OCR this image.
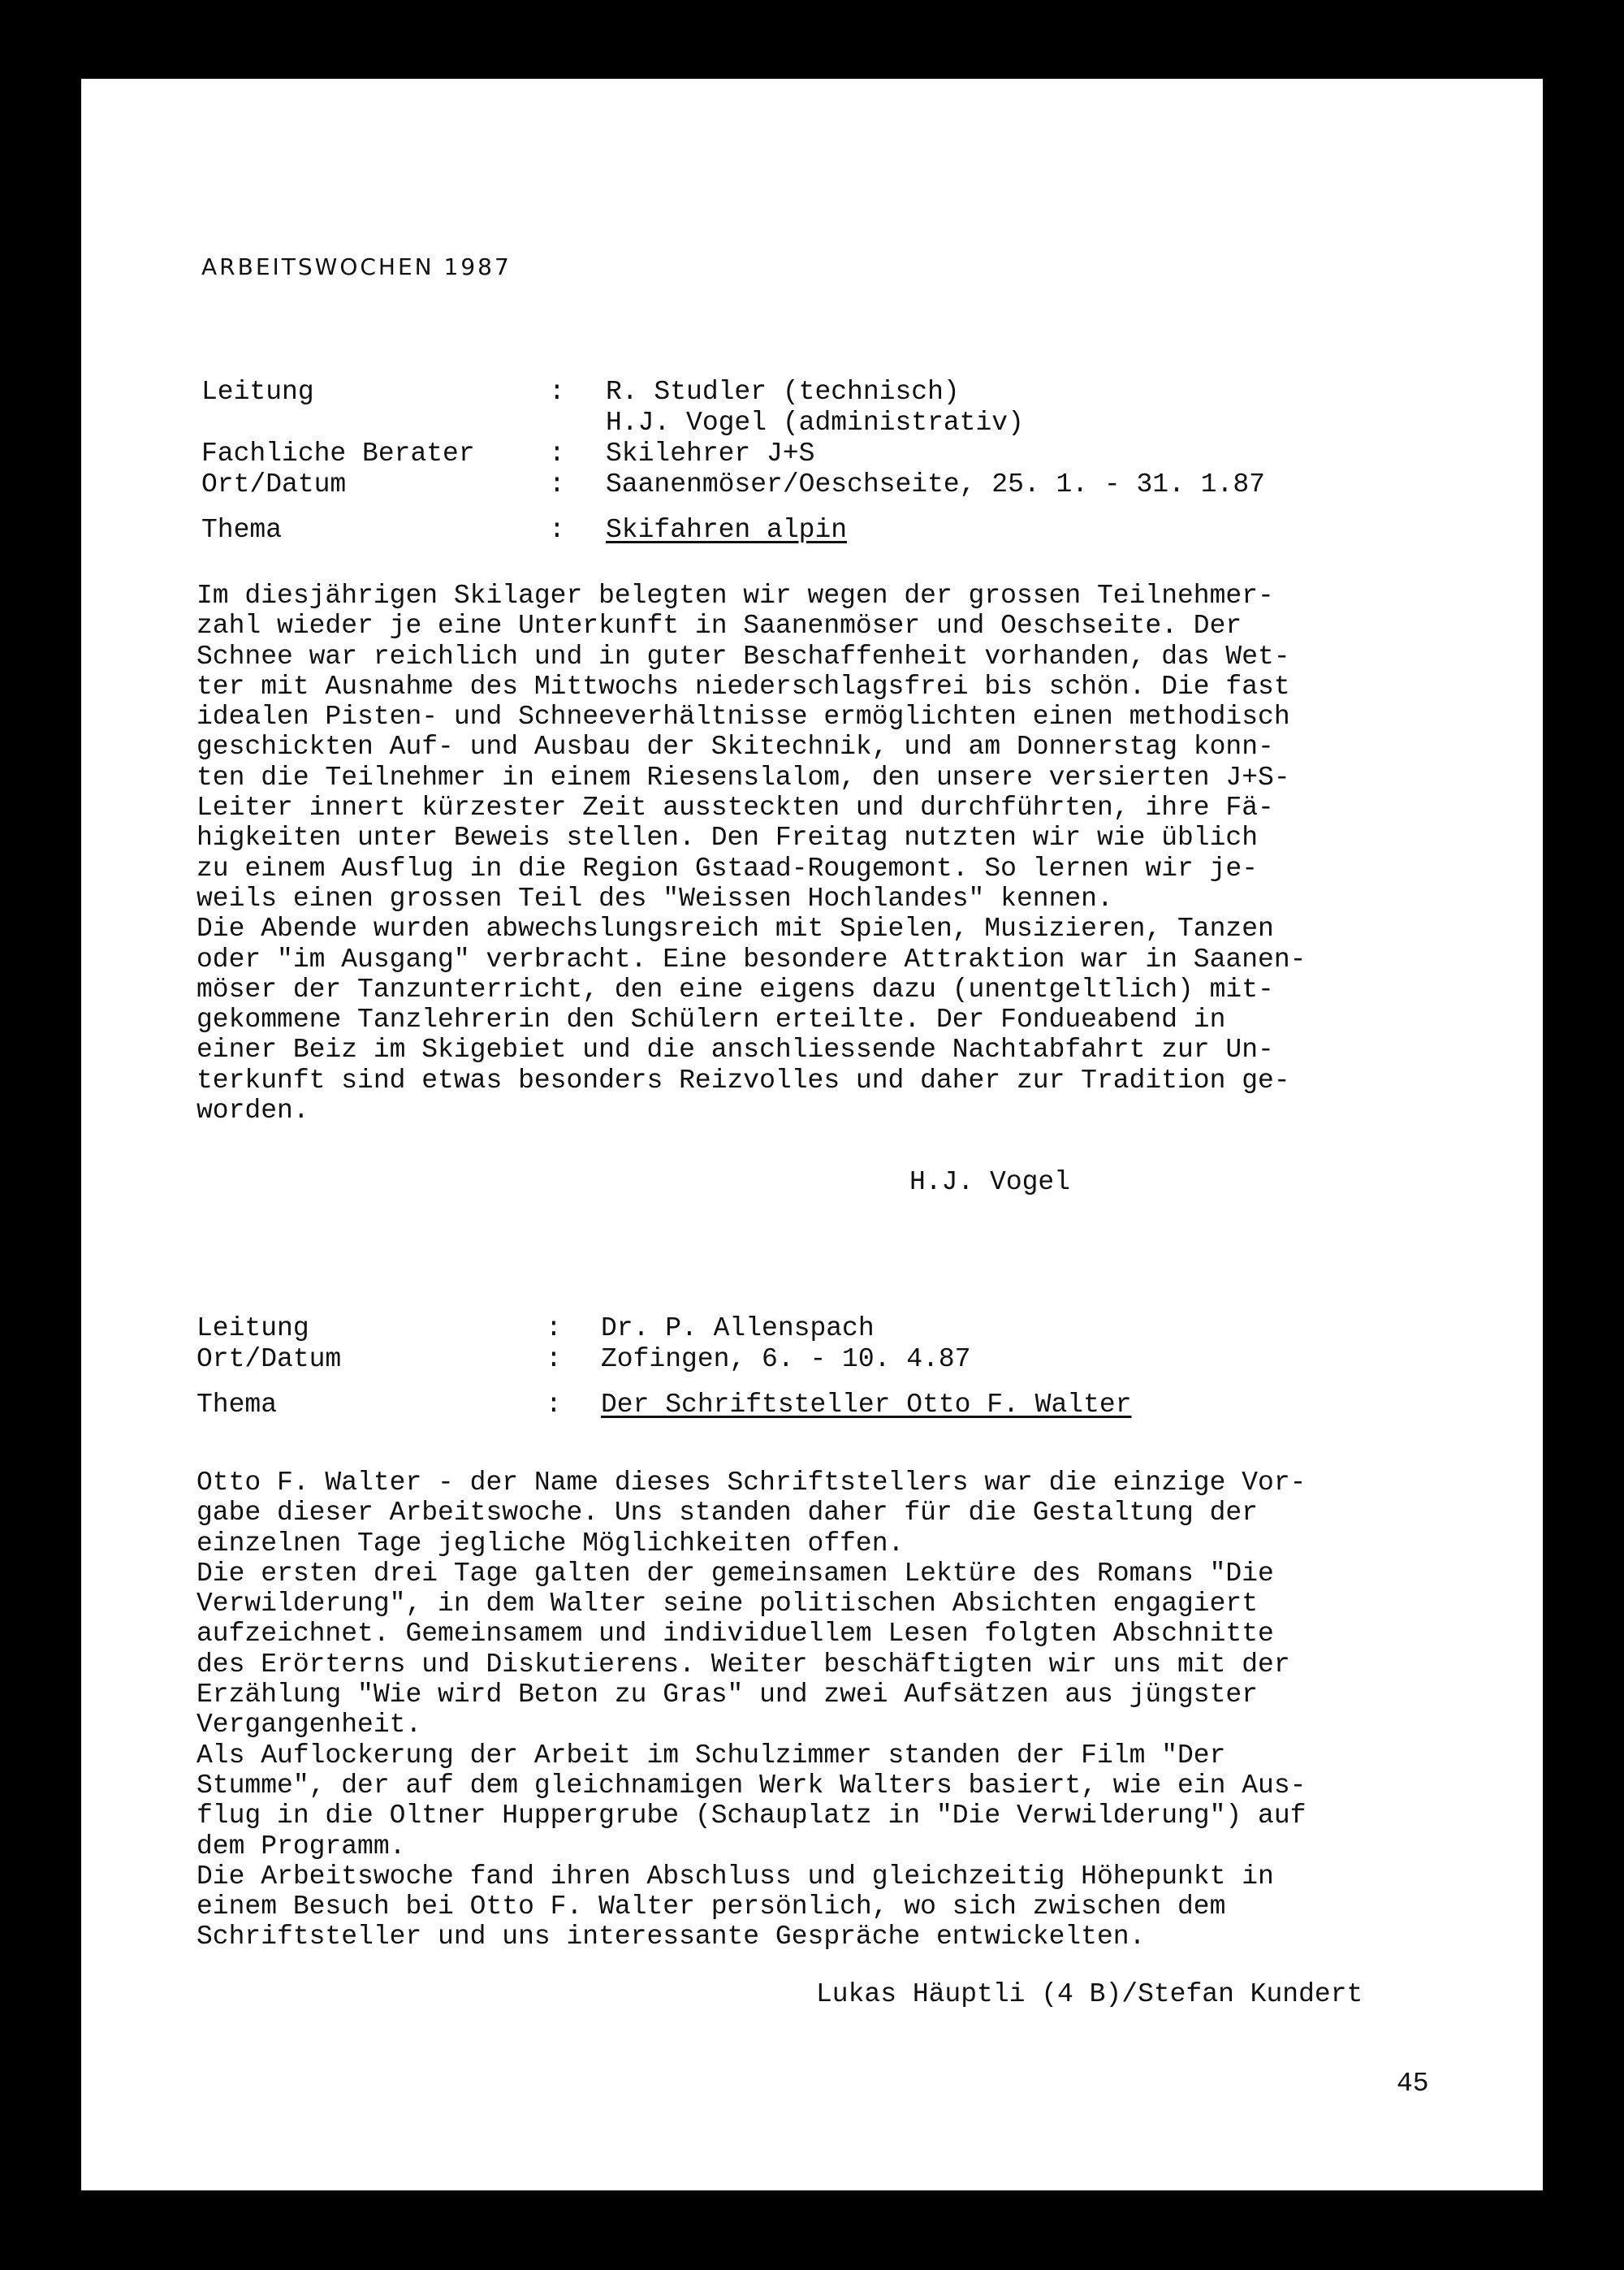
ARBEITSWOCHEN 1987
Leitung	: R. Studler (technisch)
H.J. Vogel (administrativ)
Fachliche Berater	: Skilehrer J+S
Ort/Datum	: Saanenmöser/Oeschseite, 25. 1. - 31. 1.87
Thema	: Skifahren alpin

Im diesjährigen Skilager belegten wir wegen der grossen Teilnehmer-
zahl wieder je eine Unterkunft in Saanenmöser und Oeschseite. Der
Schnee war reichlich und in guter Beschaffenheit vorhanden, das Wet-
ter mit Ausnahme des Mittwochs niederschlagsfrei bis schön. Die fast
idealen Pisten- und Schneeverhältnisse ermöglichten einen methodisch
geschickten Auf- und Ausbau der Skitechnik, und am Donnerstag konn-
ten die Teilnehmer in einem Riesenslalom, den unsere versierten J+S-
Leiter innert kürzester Zeit aussteckten und durchführten, ihre Fä-
higkeiten unter Beweis stellen. Den Freitag nutzten wir wie üblich
zu einem Ausflug in die Region Gstaad-Rougemont. So lernen wir je-
weils einen grossen Teil des "Weissen Hochlandes" kennen.
Die Abende wurden abwechslungsreich mit Spielen, Musizieren, Tanzen
oder "im Ausgang" verbracht. Eine besondere Attraktion war in Saanen-
möser der Tanzunterricht, den eine eigens dazu (unentgeltlich) mit-
gekommene Tanzlehrerin den Schülern erteilte. Der Fondueabend in
einer Beiz im Skigebiet und die anschliessende Nachtabfahrt zur Un-
terkunft sind etwas besonders Reizvolles und daher zur Tradition ge-
worden.

H.J. Vogel

Leitung	: Dr. P. Allenspach
Ort/Datum	: Zofingen, 6. - 10. 4.87
Thema	: Der Schriftsteller Otto F. Walter

Otto F. Walter - der Name dieses Schriftstellers war die einzige Vor-
gabe dieser Arbeitswoche. Uns standen daher für die Gestaltung der
einzelnen Tage jegliche Möglichkeiten offen.
Die ersten drei Tage galten der gemeinsamen Lektüre des Romans "Die
Verwilderung", in dem Walter seine politischen Absichten engagiert
aufzeichnet. Gemeinsamem und individuellem Lesen folgten Abschnitte
des Erörterns und Diskutierens. Weiter beschäftigten wir uns mit der
Erzählung "Wie wird Beton zu Gras" und zwei Aufsätzen aus jüngster
Vergangenheit.
Als Auflockerung der Arbeit im Schulzimmer standen der Film "Der
Stumme", der auf dem gleichnamigen Werk Walters basiert, wie ein Aus-
flug in die Oltner Huppergrube (Schauplatz in "Die Verwilderung") auf
dem Programm.
Die Arbeitswoche fand ihren Abschluss und gleichzeitig Höhepunkt in
einem Besuch bei Otto F. Walter persönlich, wo sich zwischen dem
Schriftsteller und uns interessante Gespräche entwickelten.

Lukas Häuptli (4 B)/Stefan Kundert

45
